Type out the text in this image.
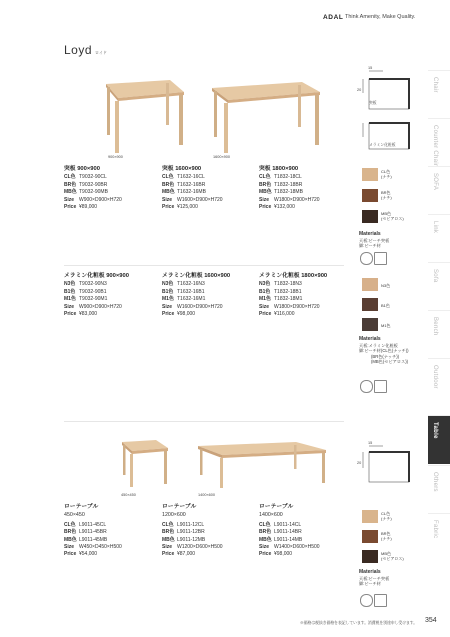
ADAL Think Amenity, Make Quality.
Loyd ロイド
900×900	1600×900
15
20
突板
メラミン化粧板
突板 900×900
CL色 T9032-90CL
BR色 T9032-90BR
MB色 T9032-90MB
Size W900×D900×H720
Price ¥89,000
突板 1600×900
CL色 T1632-16CL
BR色 T1632-16BR
MB色 T1632-16MB
Size W1600×D900×H720
Price ¥125,000
突板 1800×900
CL色 T1832-18CL
BR色 T1832-18BR
MB色 T1832-18MB
Size W1800×D900×H720
Price ¥132,000
CL色
(ナチ)
BR色
(ナチ)
MB色
(セピアロス)
Materials
天板:ビーチ突板
脚:ビーチ材
メラミン化粧板 900×900
N3色 T9032-90N3
B1色 T9032-90B1
M1色 T9032-90M1
Size W900×D900×H720
Price ¥83,000
メラミン化粧板 1600×900
N3色 T1632-16N3
B1色 T1632-16B1
M1色 T1632-16M1
Size W1600×D900×H720
Price ¥98,000
メラミン化粧板 1800×900
N3色 T1832-18N3
B1色 T1832-18B1
M1色 T1832-18M1
Size W1800×D900×H720
Price ¥116,000
N3色
B1色
M1色
Materials
天板:メラミン化粧板
脚:ビーチ材(CL色(ナッチ))
(BR色(ナッチ))
(MB色(セピアロス))
450×450	1400×600
15
20
ローテーブル
450×450
CL色 L9011-45CL
BR色 L9011-45BR
MB色 L9011-45MB
Size W450×D450×H500
Price ¥54,000
ローテーブル
1200×600
CL色 L9011-12CL
BR色 L9011-12BR
MB色 L9011-12MB
Size W1200×D600×H500
Price ¥87,000
ローテーブル
1400×600
CL色 L9011-14CL
BR色 L9011-14BR
MB色 L9011-14MB
Size W1400×D600×H500
Price ¥98,000
CL色
(ナチ)
BR色
(ナチ)
MB色
(セピアロス)
Materials
天板:ビーチ突板
脚:ビーチ材
Chair
Counter Chair
SOFA
Link
Sofa
Bench
Outdoor
Table
Others
Fabric
※価格は税抜き価格を表記しています。消費税を別途申し受けます。 354
